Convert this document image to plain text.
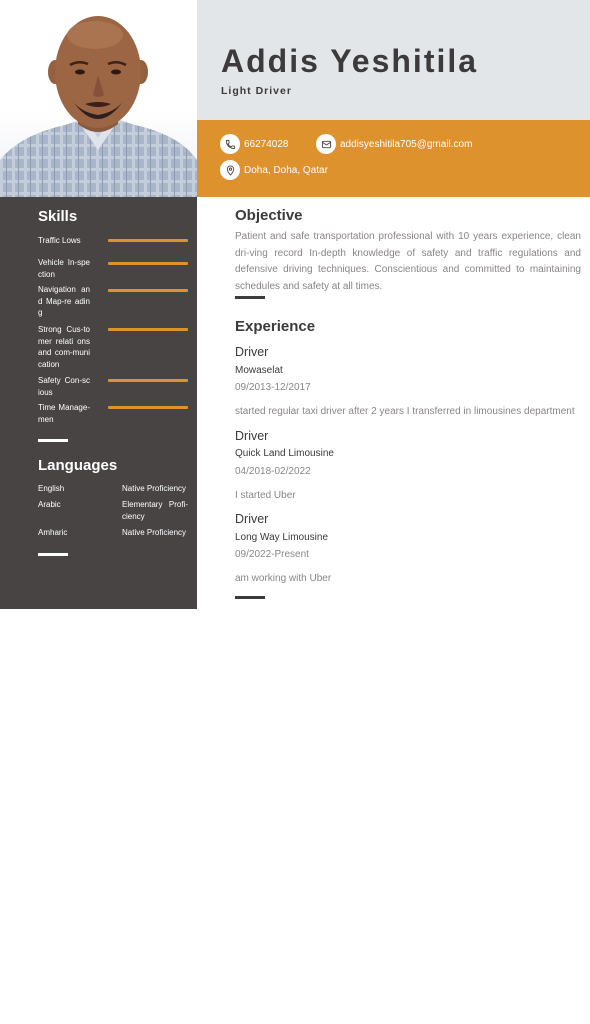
Addis Yeshitila
Light Driver
66274028	addisyeshitila705@gmail.com
Doha, Doha, Qatar
Skills
Traffic Lows
Vehicle In-spection
Navigation and Map-re ading
Strong Cus-tomer relati ons and com-munication
Safety Con-scious
Time Manage-men
Languages
English	Native Proficiency
Arabic	Elementary Profi-ciency
Amharic	Native Proficiency
Objective
Patient and safe transportation professional with 10 years experience, clean dri-ving record In-depth knowledge of safety and traffic regulations and defensive driving techniques. Conscientious and committed to maintaining schedules and safety at all times.
Experience
Driver
Mowaselat
09/2013-12/2017
started regular taxi driver after 2 years I transferred in limousines department
Driver
Quick Land Limousine
04/2018-02/2022
I started Uber
Driver
Long Way Limousine
09/2022-Present
am working with Uber
